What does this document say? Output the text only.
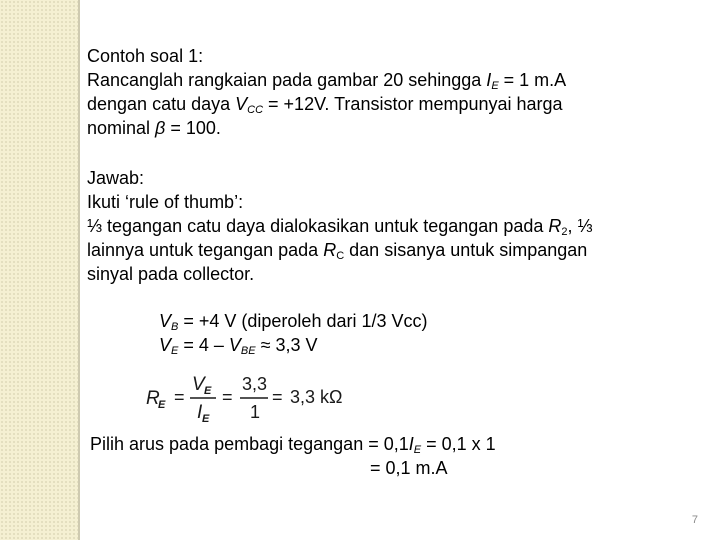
Contoh soal 1:
Rancanglah rangkaian pada gambar 20 sehingga $I_E = 1$ m.A
dengan catu daya $V_{CC} = +12V$. Transistor mempunyai harga
nominal β = 100.
Jawab:
Ikuti ‘rule of thumb’:
⅓ tegangan catu daya dialokasikan untuk tegangan pada $R_2$, ⅓
lainnya untuk tegangan pada $R_C$ dan sisanya untuk simpangan
sinyal pada collector.
$V_B = +4$ V (diperoleh dari 1/3 Vcc)
$V_E = 4 - V_{BE} \approx 3,3$ V
R
E =
V E
I E
=
3,3
1
= 3,3 kΩ
Pilih arus pada pembagi tegangan = $0,1I_E = 0,1$ x 1
= 0,1 m.A
7
